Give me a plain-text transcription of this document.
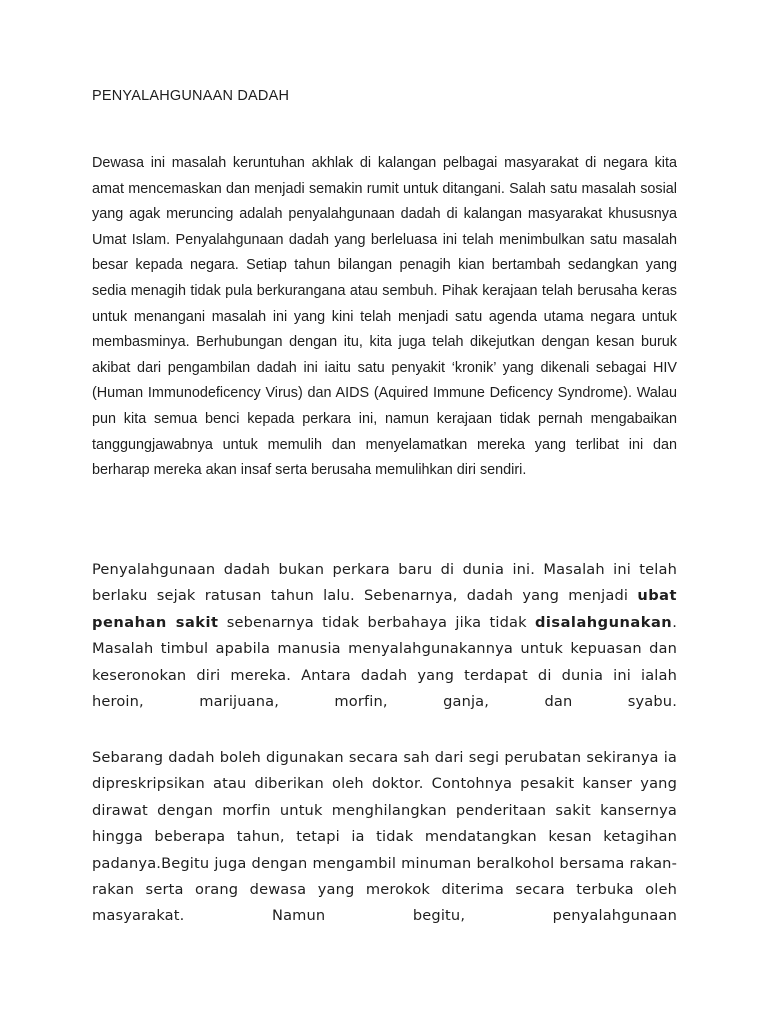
PENYALAHGUNAAN DADAH

Dewasa ini masalah keruntuhan akhlak di kalangan pelbagai masyarakat di negara kita amat mencemaskan dan menjadi semakin rumit untuk ditangani. Salah satu masalah sosial yang agak meruncing adalah penyalahgunaan dadah di kalangan masyarakat khususnya Umat Islam. Penyalahgunaan dadah yang berleluasa ini telah menimbulkan satu masalah besar kepada negara. Setiap tahun bilangan penagih kian bertambah sedangkan yang sedia menagih tidak pula berkurangana atau sembuh. Pihak kerajaan telah berusaha keras untuk menangani masalah ini yang kini telah menjadi satu agenda utama negara untuk membasminya. Berhubungan dengan itu, kita juga telah dikejutkan dengan kesan buruk akibat dari pengambilan dadah ini iaitu satu penyakit ‘kronik’ yang dikenali sebagai HIV (Human Immunodeficency Virus) dan AIDS (Aquired Immune Deficency Syndrome). Walau pun kita semua benci kepada perkara ini, namun kerajaan tidak pernah mengabaikan tanggungjawabnya untuk memulih dan menyelamatkan mereka yang terlibat ini dan berharap mereka akan insaf serta berusaha memulihkan diri sendiri.

Penyalahgunaan dadah bukan perkara baru di dunia ini. Masalah ini telah berlaku sejak ratusan tahun lalu. Sebenarnya, dadah yang menjadi ubat penahan sakit sebenarnya tidak berbahaya jika tidak disalahgunakan. Masalah timbul apabila manusia menyalahgunakannya untuk kepuasan dan keseronokan diri mereka. Antara dadah yang terdapat di dunia ini ialah heroin, marijuana, morfin, ganja, dan syabu.

Sebarang dadah boleh digunakan secara sah dari segi perubatan sekiranya ia dipreskripsikan atau diberikan oleh doktor. Contohnya pesakit kanser yang dirawat dengan morfin untuk menghilangkan penderitaan sakit kansernya hingga beberapa tahun, tetapi ia tidak mendatangkan kesan ketagihan padanya.Begitu juga dengan mengambil minuman beralkohol bersama rakan-rakan serta orang dewasa yang merokok diterima secara terbuka oleh masyarakat. Namun begitu, penyalahgunaan
